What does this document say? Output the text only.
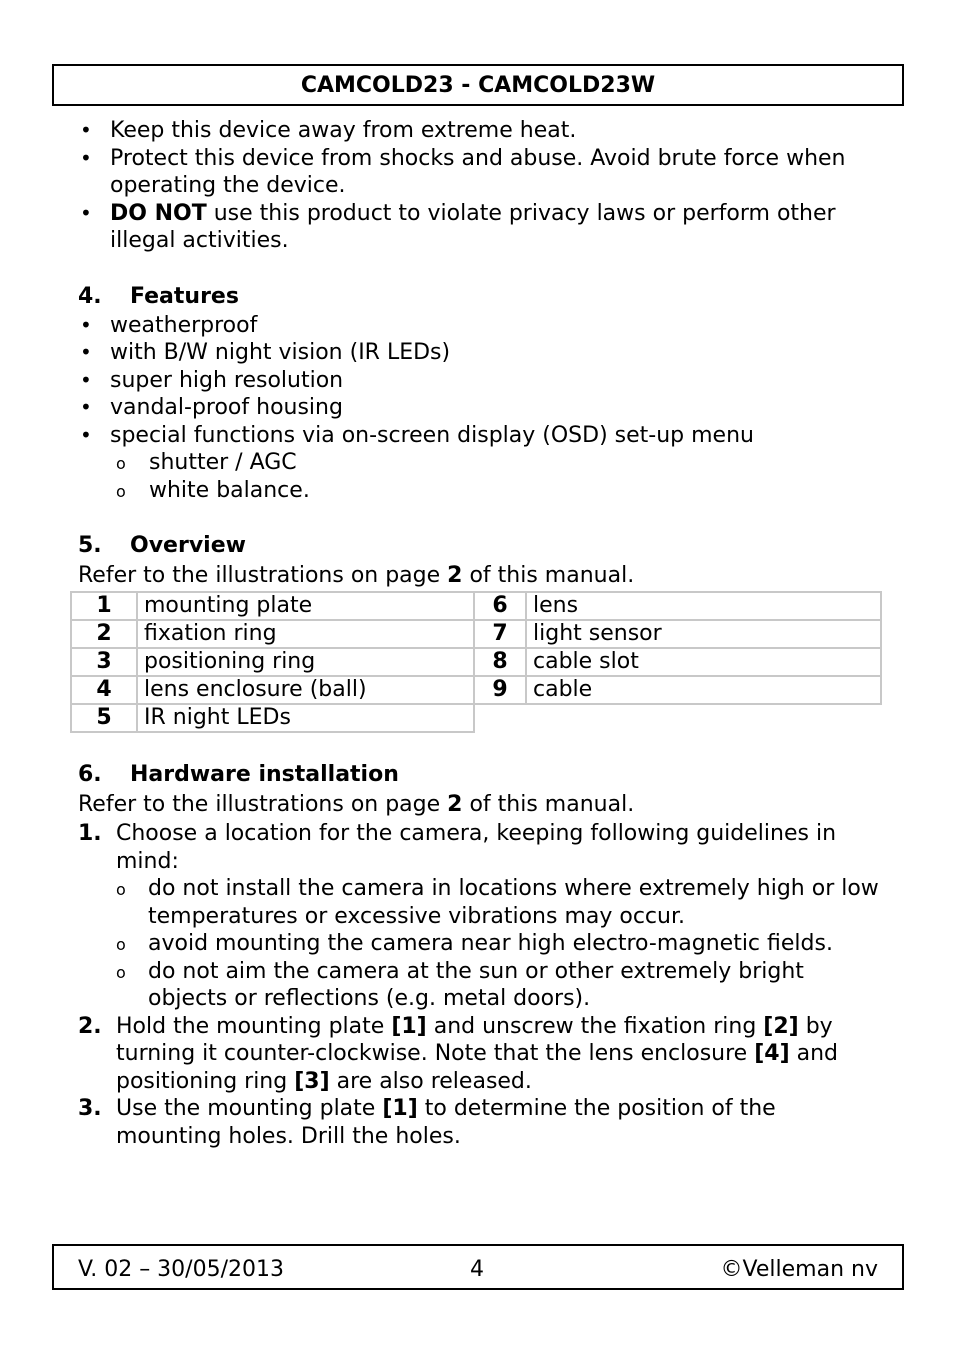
CAMCOLD23 - CAMCOLD23W
• Keep this device away from extreme heat.
• Protect this device from shocks and abuse. Avoid brute force when operating the device.
• DO NOT use this product to violate privacy laws or perform other illegal activities.
4. Features
• weatherproof
• with B/W night vision (IR LEDs)
• super high resolution
• vandal-proof housing
• special functions via on-screen display (OSD) set-up menu
o shutter / AGC
o white balance.
5. Overview

Refer to the illustrations on page 2 of this manual.

1	mounting plate	6	lens
2	fixation ring	7	light sensor
3	positioning ring	8	cable slot
4	lens enclosure (ball)	9	cable
5	IR night LEDs		
6. Hardware installation

Refer to the illustrations on page 2 of this manual.

1. Choose a location for the camera, keeping following guidelines in mind:
o do not install the camera in locations where extremely high or low temperatures or excessive vibrations may occur.
o avoid mounting the camera near high electro-magnetic fields.
o do not aim the camera at the sun or other extremely bright objects or reflections (e.g. metal doors).
2. Hold the mounting plate [1] and unscrew the fixation ring [2] by turning it counter-clockwise. Note that the lens enclosure [4] and positioning ring [3] are also released.
3. Use the mounting plate [1] to determine the position of the mounting holes. Drill the holes.
V. 02 – 30/05/2013	4	©Velleman nv
